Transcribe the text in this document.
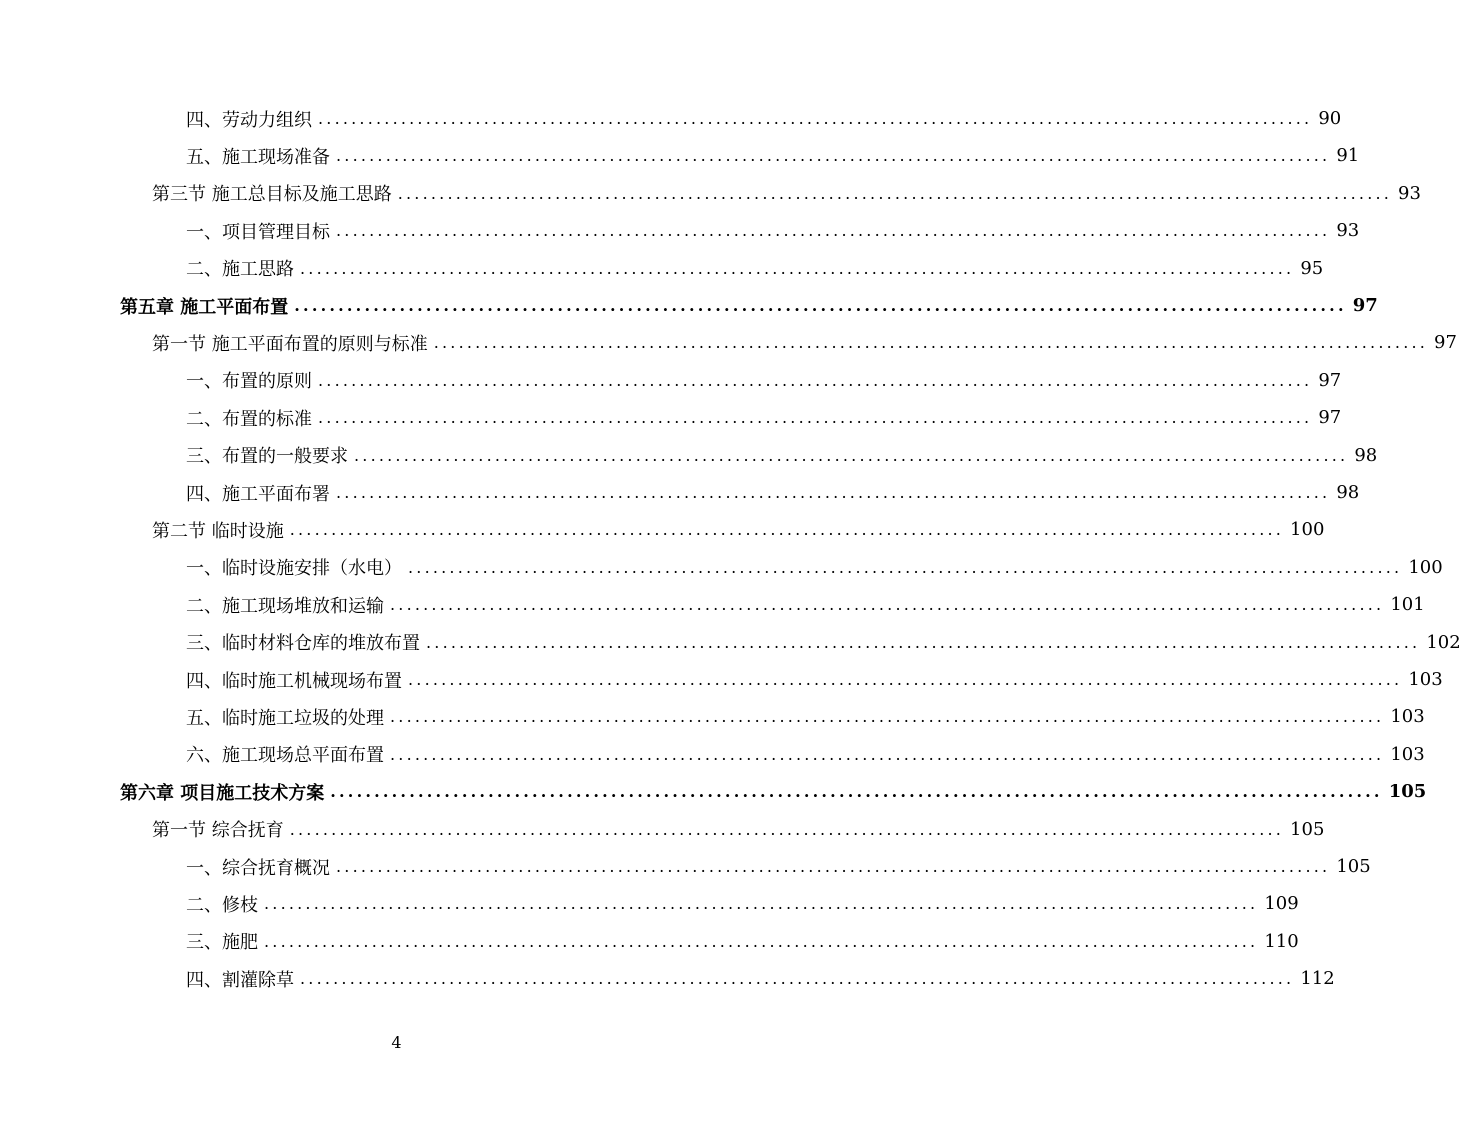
四、劳动力组织 ........................................................................................................................ 90
五、施工现场准备 ........................................................................................................................ 91
第三节 施工总目标及施工思路 ........................................................................................................................ 93
一、项目管理目标 ........................................................................................................................ 93
二、施工思路 ........................................................................................................................ 95
第五章 施工平面布置 ........................................................................................................................ 97
第一节 施工平面布置的原则与标准 ........................................................................................................................ 97
一、布置的原则 ........................................................................................................................ 97
二、布置的标准 ........................................................................................................................ 97
三、布置的一般要求 ........................................................................................................................ 98
四、施工平面布署 ........................................................................................................................ 98
第二节 临时设施 ........................................................................................................................ 100
一、临时设施安排（水电） ........................................................................................................................ 100
二、施工现场堆放和运输 ........................................................................................................................ 101
三、临时材料仓库的堆放布置 ........................................................................................................................ 102
四、临时施工机械现场布置 ........................................................................................................................ 103
五、临时施工垃圾的处理 ........................................................................................................................ 103
六、施工现场总平面布置 ........................................................................................................................ 103
第六章 项目施工技术方案 ........................................................................................................................ 105
第一节 综合抚育 ........................................................................................................................ 105
一、综合抚育概况 ........................................................................................................................ 105
二、修枝 ........................................................................................................................ 109
三、施肥 ........................................................................................................................ 110
四、割灌除草 ........................................................................................................................ 112
4
